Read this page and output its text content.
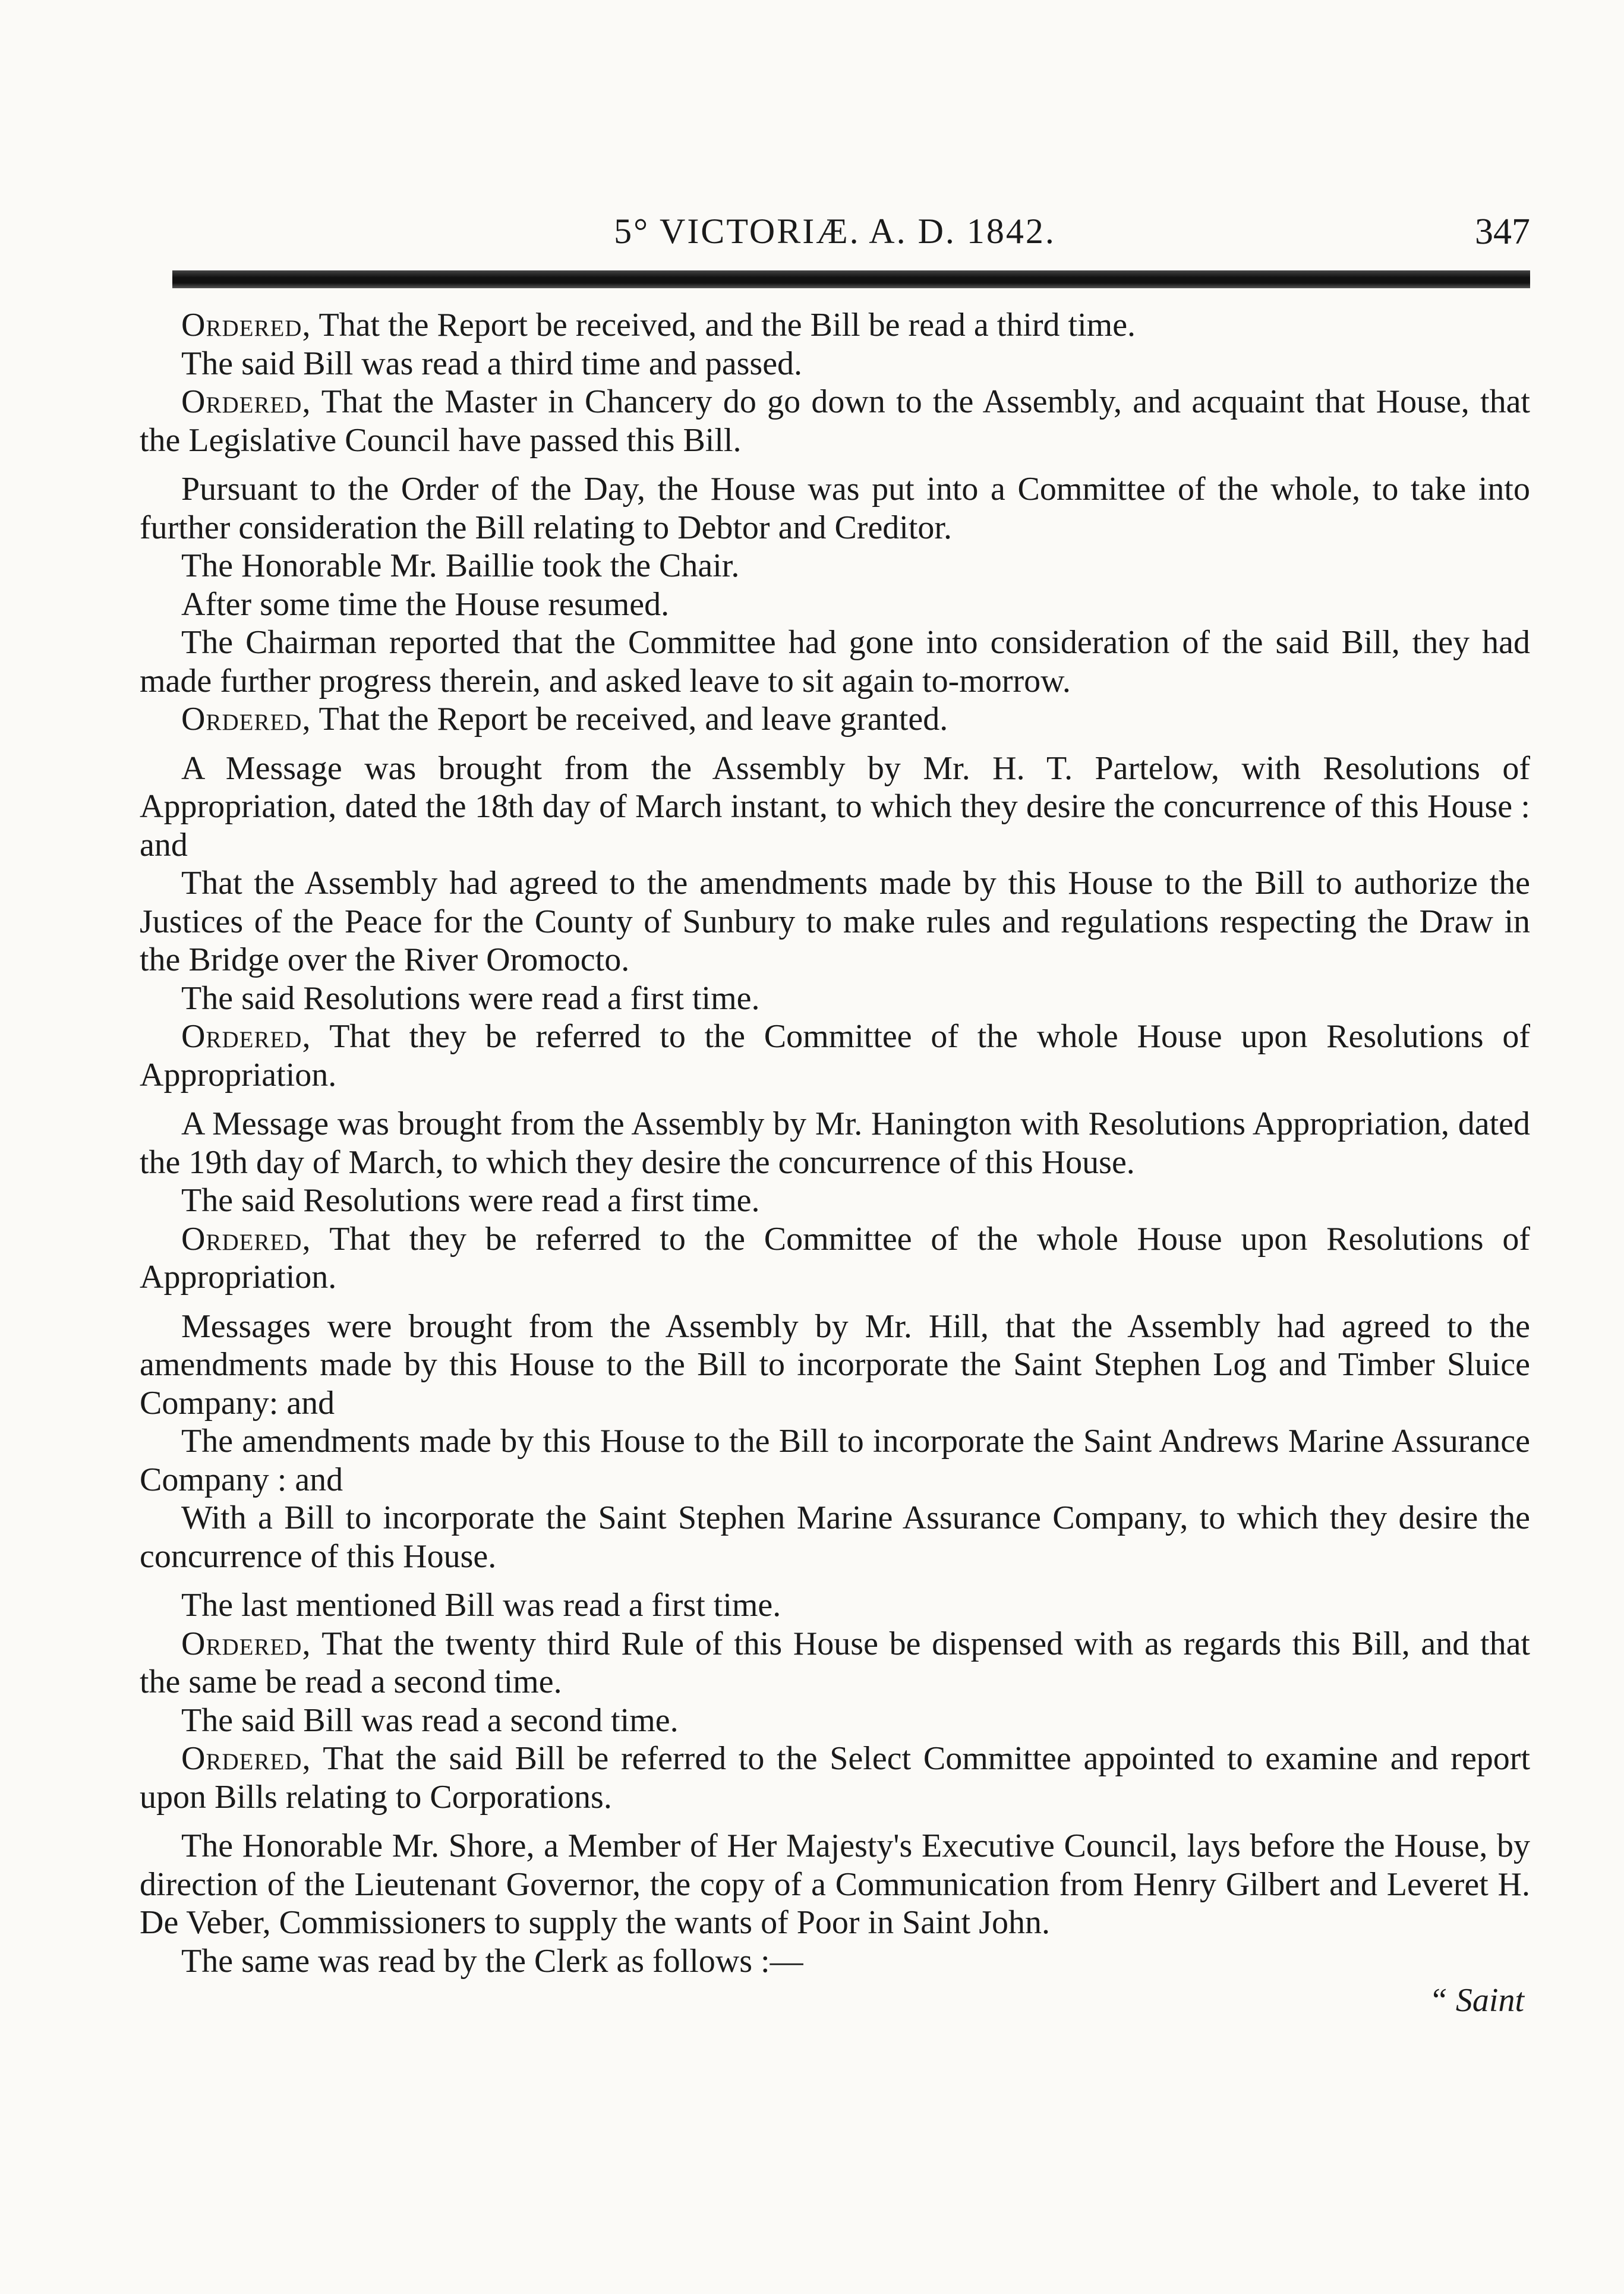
5° VICTORIÆ. A. D. 1842.	347

Ordered, That the Report be received, and the Bill be read a third time.

The said Bill was read a third time and passed.

Ordered, That the Master in Chancery do go down to the Assembly, and acquaint that House, that the Legislative Council have passed this Bill.

Pursuant to the Order of the Day, the House was put into a Committee of the whole, to take into further consideration the Bill relating to Debtor and Creditor.

The Honorable Mr. Baillie took the Chair.

After some time the House resumed.

The Chairman reported that the Committee had gone into consideration of the said Bill, they had made further progress therein, and asked leave to sit again to-morrow.

Ordered, That the Report be received, and leave granted.

A Message was brought from the Assembly by Mr. H. T. Partelow, with Resolutions of Appropriation, dated the 18th day of March instant, to which they desire the concurrence of this House : and

That the Assembly had agreed to the amendments made by this House to the Bill to authorize the Justices of the Peace for the County of Sunbury to make rules and regulations respecting the Draw in the Bridge over the River Oromocto.

The said Resolutions were read a first time.

Ordered, That they be referred to the Committee of the whole House upon Resolutions of Appropriation.

A Message was brought from the Assembly by Mr. Hanington with Resolutions Appropriation, dated the 19th day of March, to which they desire the concurrence of this House.

The said Resolutions were read a first time.

Ordered, That they be referred to the Committee of the whole House upon Resolutions of Appropriation.

Messages were brought from the Assembly by Mr. Hill, that the Assembly had agreed to the amendments made by this House to the Bill to incorporate the Saint Stephen Log and Timber Sluice Company: and

The amendments made by this House to the Bill to incorporate the Saint Andrews Marine Assurance Company : and

With a Bill to incorporate the Saint Stephen Marine Assurance Company, to which they desire the concurrence of this House.

The last mentioned Bill was read a first time.

Ordered, That the twenty third Rule of this House be dispensed with as regards this Bill, and that the same be read a second time.

The said Bill was read a second time.

Ordered, That the said Bill be referred to the Select Committee appointed to examine and report upon Bills relating to Corporations.

The Honorable Mr. Shore, a Member of Her Majesty's Executive Council, lays before the House, by direction of the Lieutenant Governor, the copy of a Communication from Henry Gilbert and Leveret H. De Veber, Commissioners to supply the wants of Poor in Saint John.

The same was read by the Clerk as follows :—

“ Saint
